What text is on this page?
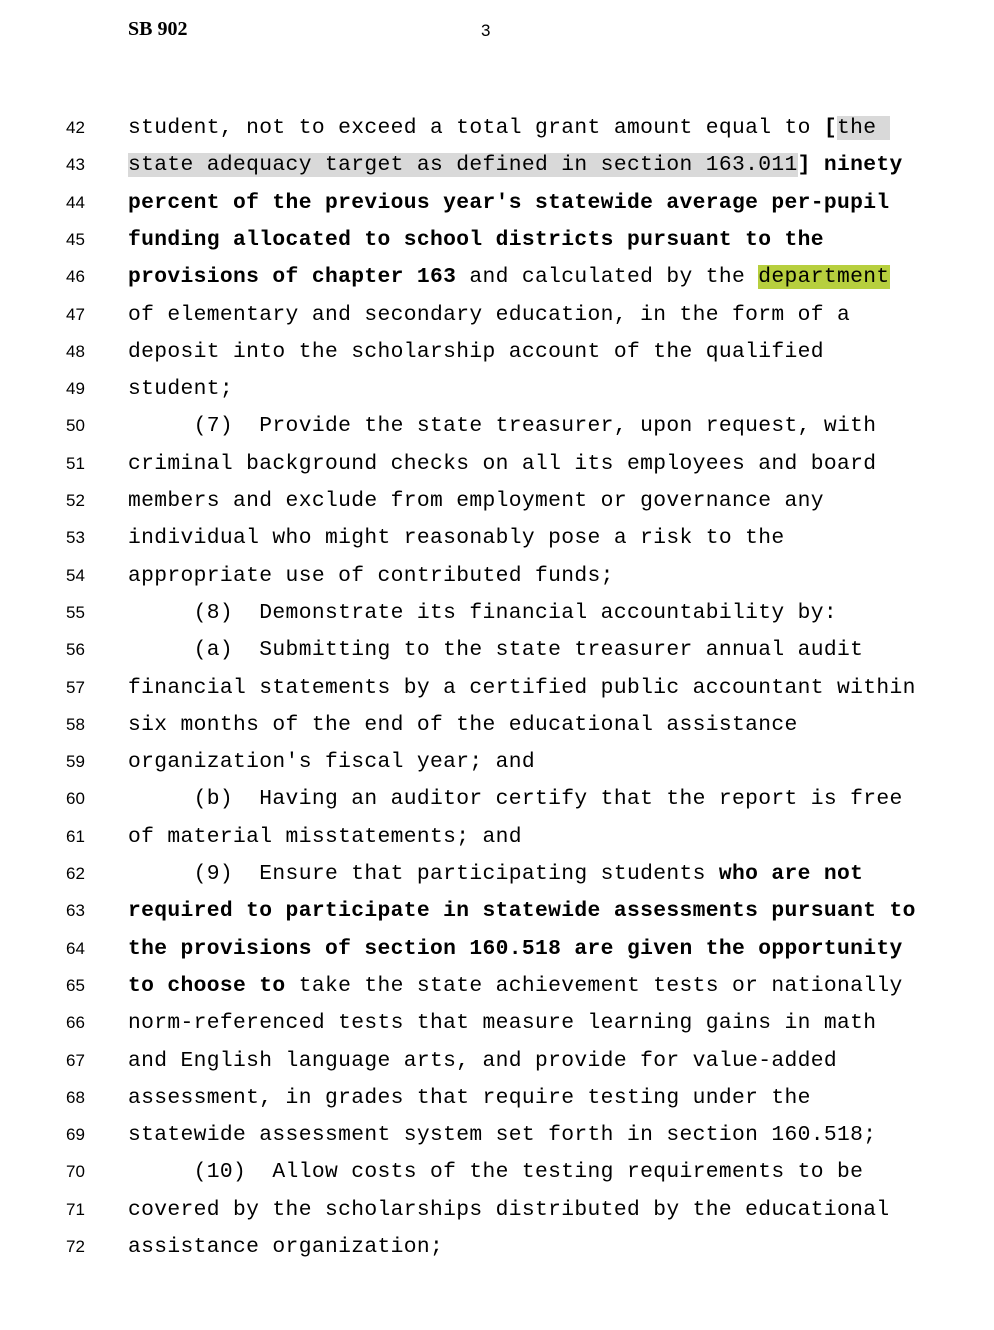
SB 902	3
42 student, not to exceed a total grant amount equal to [the
43 state adequacy target as defined in section 163.011] ninety
44 percent of the previous year's statewide average per-pupil
45 funding allocated to school districts pursuant to the
46 provisions of chapter 163 and calculated by the department
47 of elementary and secondary education, in the form of a
48 deposit into the scholarship account of the qualified
49 student;
50 (7)  Provide the state treasurer, upon request, with
51 criminal background checks on all its employees and board
52 members and exclude from employment or governance any
53 individual who might reasonably pose a risk to the
54 appropriate use of contributed funds;
55 (8)  Demonstrate its financial accountability by:
56 (a)  Submitting to the state treasurer annual audit
57 financial statements by a certified public accountant within
58 six months of the end of the educational assistance
59 organization's fiscal year; and
60 (b)  Having an auditor certify that the report is free
61 of material misstatements; and
62 (9)  Ensure that participating students who are not
63 required to participate in statewide assessments pursuant to
64 the provisions of section 160.518 are given the opportunity
65 to choose to take the state achievement tests or nationally
66 norm-referenced tests that measure learning gains in math
67 and English language arts, and provide for value-added
68 assessment, in grades that require testing under the
69 statewide assessment system set forth in section 160.518;
70 (10)  Allow costs of the testing requirements to be
71 covered by the scholarships distributed by the educational
72 assistance organization;
